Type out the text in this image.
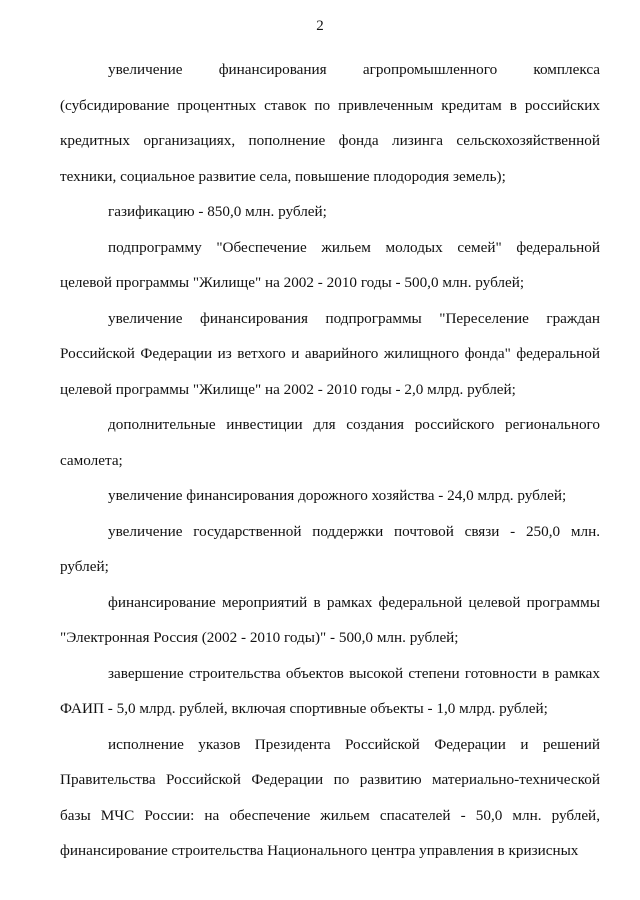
2

увеличение финансирования агропромышленного комплекса (субсидирование процентных ставок по привлеченным кредитам в российских кредитных организациях, пополнение фонда лизинга сельскохозяйственной техники, социальное развитие села, повышение плодородия земель);

газификацию - 850,0 млн. рублей;

подпрограмму "Обеспечение жильем молодых семей" федеральной целевой программы "Жилище" на 2002 - 2010 годы - 500,0 млн. рублей;

увеличение финансирования подпрограммы "Переселение граждан Российской Федерации из ветхого и аварийного жилищного фонда" федеральной целевой программы "Жилище" на 2002 - 2010 годы - 2,0 млрд. рублей;

дополнительные инвестиции для создания российского регионального самолета;

увеличение финансирования дорожного хозяйства - 24,0 млрд. рублей;

увеличение государственной поддержки почтовой связи - 250,0 млн. рублей;

финансирование мероприятий в рамках федеральной целевой программы "Электронная Россия (2002 - 2010 годы)" - 500,0 млн. рублей;

завершение строительства объектов высокой степени готовности в рамках ФАИП - 5,0 млрд. рублей, включая спортивные объекты - 1,0 млрд. рублей;

исполнение указов Президента Российской Федерации и решений Правительства Российской Федерации по развитию материально-технической базы МЧС России: на обеспечение жильем спасателей - 50,0 млн. рублей, финансирование строительства Национального центра управления в кризисных
